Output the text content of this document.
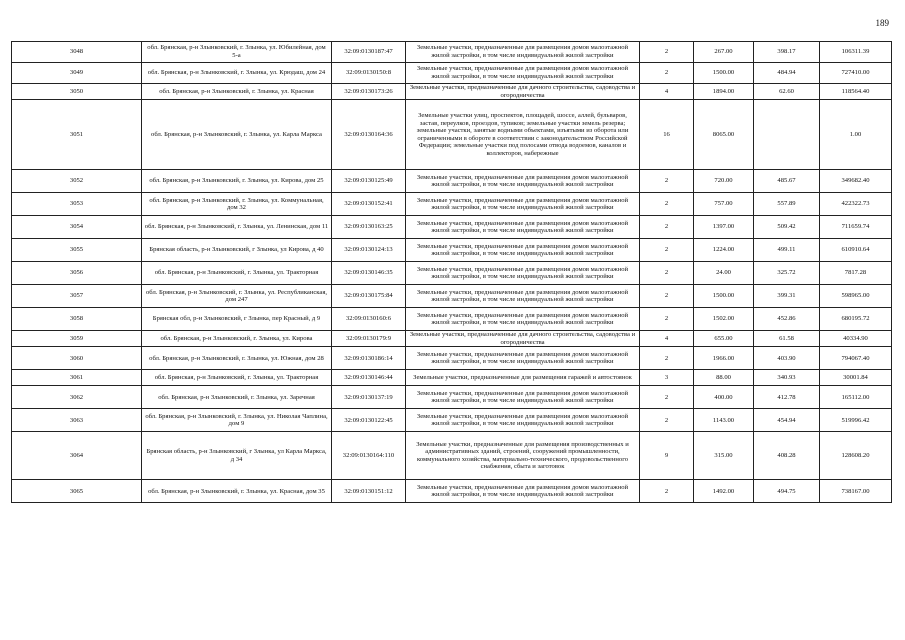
189
3048	обл. Брянская, р-н Злынковский, г. Злынка, ул. Юбилейная, дом 5-а	32:09:0130187:47	Земельные участки, предназначенные для размещения домов малоэтажной жилой застройки, в том числе индивидуальной жилой застройки	2	267.00	398.17	106311.39
3049	обл. Брянская, р-н Злынковский, г. Злынка, ул. Крюдаш, дом 24	32:09:0130150:8	Земельные участки, предназначенные для размещения домов малоэтажной жилой застройки, в том числе индивидуальной жилой застройки	2	1500.00	484.94	727410.00
3050	обл. Брянская, р-н Злынковский, г. Злынка, ул. Красная	32:09:0130173:26	Земельные участки, предназначенные для дачного строительства, садоводства и огородничества	4	1894.00	62.60	118564.40
3051	обл. Брянская, р-н Злынковский, г. Злынка, ул. Карла Маркса	32:09:0130164:36	Земельные участки улиц, проспектов, площадей, шоссе, аллей, бульваров, застав, переулков, проездов, тупиков; земельные участки земель резерва; земельные участки, занятые водными объектами, изъятыми из оборота или ограниченными в обороте в соответствии с законодательством Российской Федерации; земельные участки под полосами отвода водоемов, каналов и коллекторов, набережные	16	8065.00		1.00
3052	обл. Брянская, р-н Злынковский, г. Злынка, ул. Кирова, дом 25	32:09:0130125:49	Земельные участки, предназначенные для размещения домов малоэтажной жилой застройки, в том числе индивидуальной жилой застройки	2	720.00	485.67	349682.40
3053	обл. Брянская, р-н Злынковский, г. Злынка, ул. Коммунальная, дом 32	32:09:0130152:41	Земельные участки, предназначенные для размещения домов малоэтажной жилой застройки, в том числе индивидуальной жилой застройки	2	757.00	557.89	422322.73
3054	обл. Брянская, р-н Злынковский, г. Злынка, ул. Ленинская, дом 11	32:09:0130163:25	Земельные участки, предназначенные для размещения домов малоэтажной жилой застройки, в том числе индивидуальной жилой застройки	2	1397.00	509.42	711659.74
3055	Брянская область, р-н Злынковский, г Злынка, ул Кирова, д 40	32:09:0130124:13	Земельные участки, предназначенные для размещения домов малоэтажной жилой застройки, в том числе индивидуальной жилой застройки	2	1224.00	499.11	610910.64
3056	обл. Брянская, р-н Злынковский, г. Злынка, ул. Тракторная	32:09:0130146:35	Земельные участки, предназначенные для размещения домов малоэтажной жилой застройки, в том числе индивидуальной жилой застройки	2	24.00	325.72	7817.28
3057	обл. Брянская, р-н Злынковский, г. Злынка, ул. Республиканская, дом 247	32:09:0130175:84	Земельные участки, предназначенные для размещения домов малоэтажной жилой застройки, в том числе индивидуальной жилой застройки	2	1500.00	399.31	598965.00
3058	Брянская обл, р-н Злынковский, г Злынка, пер Красный, д 9	32:09:0130160:6	Земельные участки, предназначенные для размещения домов малоэтажной жилой застройки, в том числе индивидуальной жилой застройки	2	1502.00	452.86	680195.72
3059	обл. Брянская, р-н Злынковский, г. Злынка, ул. Кирова	32:09:0130179:9	Земельные участки, предназначенные для дачного строительства, садоводства и огородничества	4	655.00	61.58	40334.90
3060	обл. Брянская, р-н Злынковский, г. Злынка, ул. Южная, дом 28	32:09:0130186:14	Земельные участки, предназначенные для размещения домов малоэтажной жилой застройки, в том числе индивидуальной жилой застройки	2	1966.00	403.90	794067.40
3061	обл. Брянская, р-н Злынковский, г. Злынка, ул. Тракторная	32:09:0130146:44	Земельные участки, предназначенные для размещения гаражей и автостоянок	3	88.00	340.93	30001.84
3062	обл. Брянская, р-н Злынковский, г. Злынка, ул. Заречная	32:09:0130137:19	Земельные участки, предназначенные для размещения домов малоэтажной жилой застройки, в том числе индивидуальной жилой застройки	2	400.00	412.78	165112.00
3063	обл. Брянская, р-н Злынковский, г. Злынка, ул. Николая Чаплина, дом 9	32:09:0130122:45	Земельные участки, предназначенные для размещения домов малоэтажной жилой застройки, в том числе индивидуальной жилой застройки	2	1143.00	454.94	519996.42
3064	Брянская область, р-н Злынковский, г Злынка, ул Карла Маркса, д 34	32:09:0130164:110	Земельные участки, предназначенные для размещения производственных и административных зданий, строений, сооружений промышленности, коммунального хозяйства, материально-технического, продовольственного снабжения, сбыта и заготовок	9	315.00	408.28	128608.20
3065	обл. Брянская, р-н Злынковский, г. Злынка, ул. Красная, дом 35	32:09:0130151:12	Земельные участки, предназначенные для размещения домов малоэтажной жилой застройки, в том числе индивидуальной жилой застройки	2	1492.00	494.75	738167.00
